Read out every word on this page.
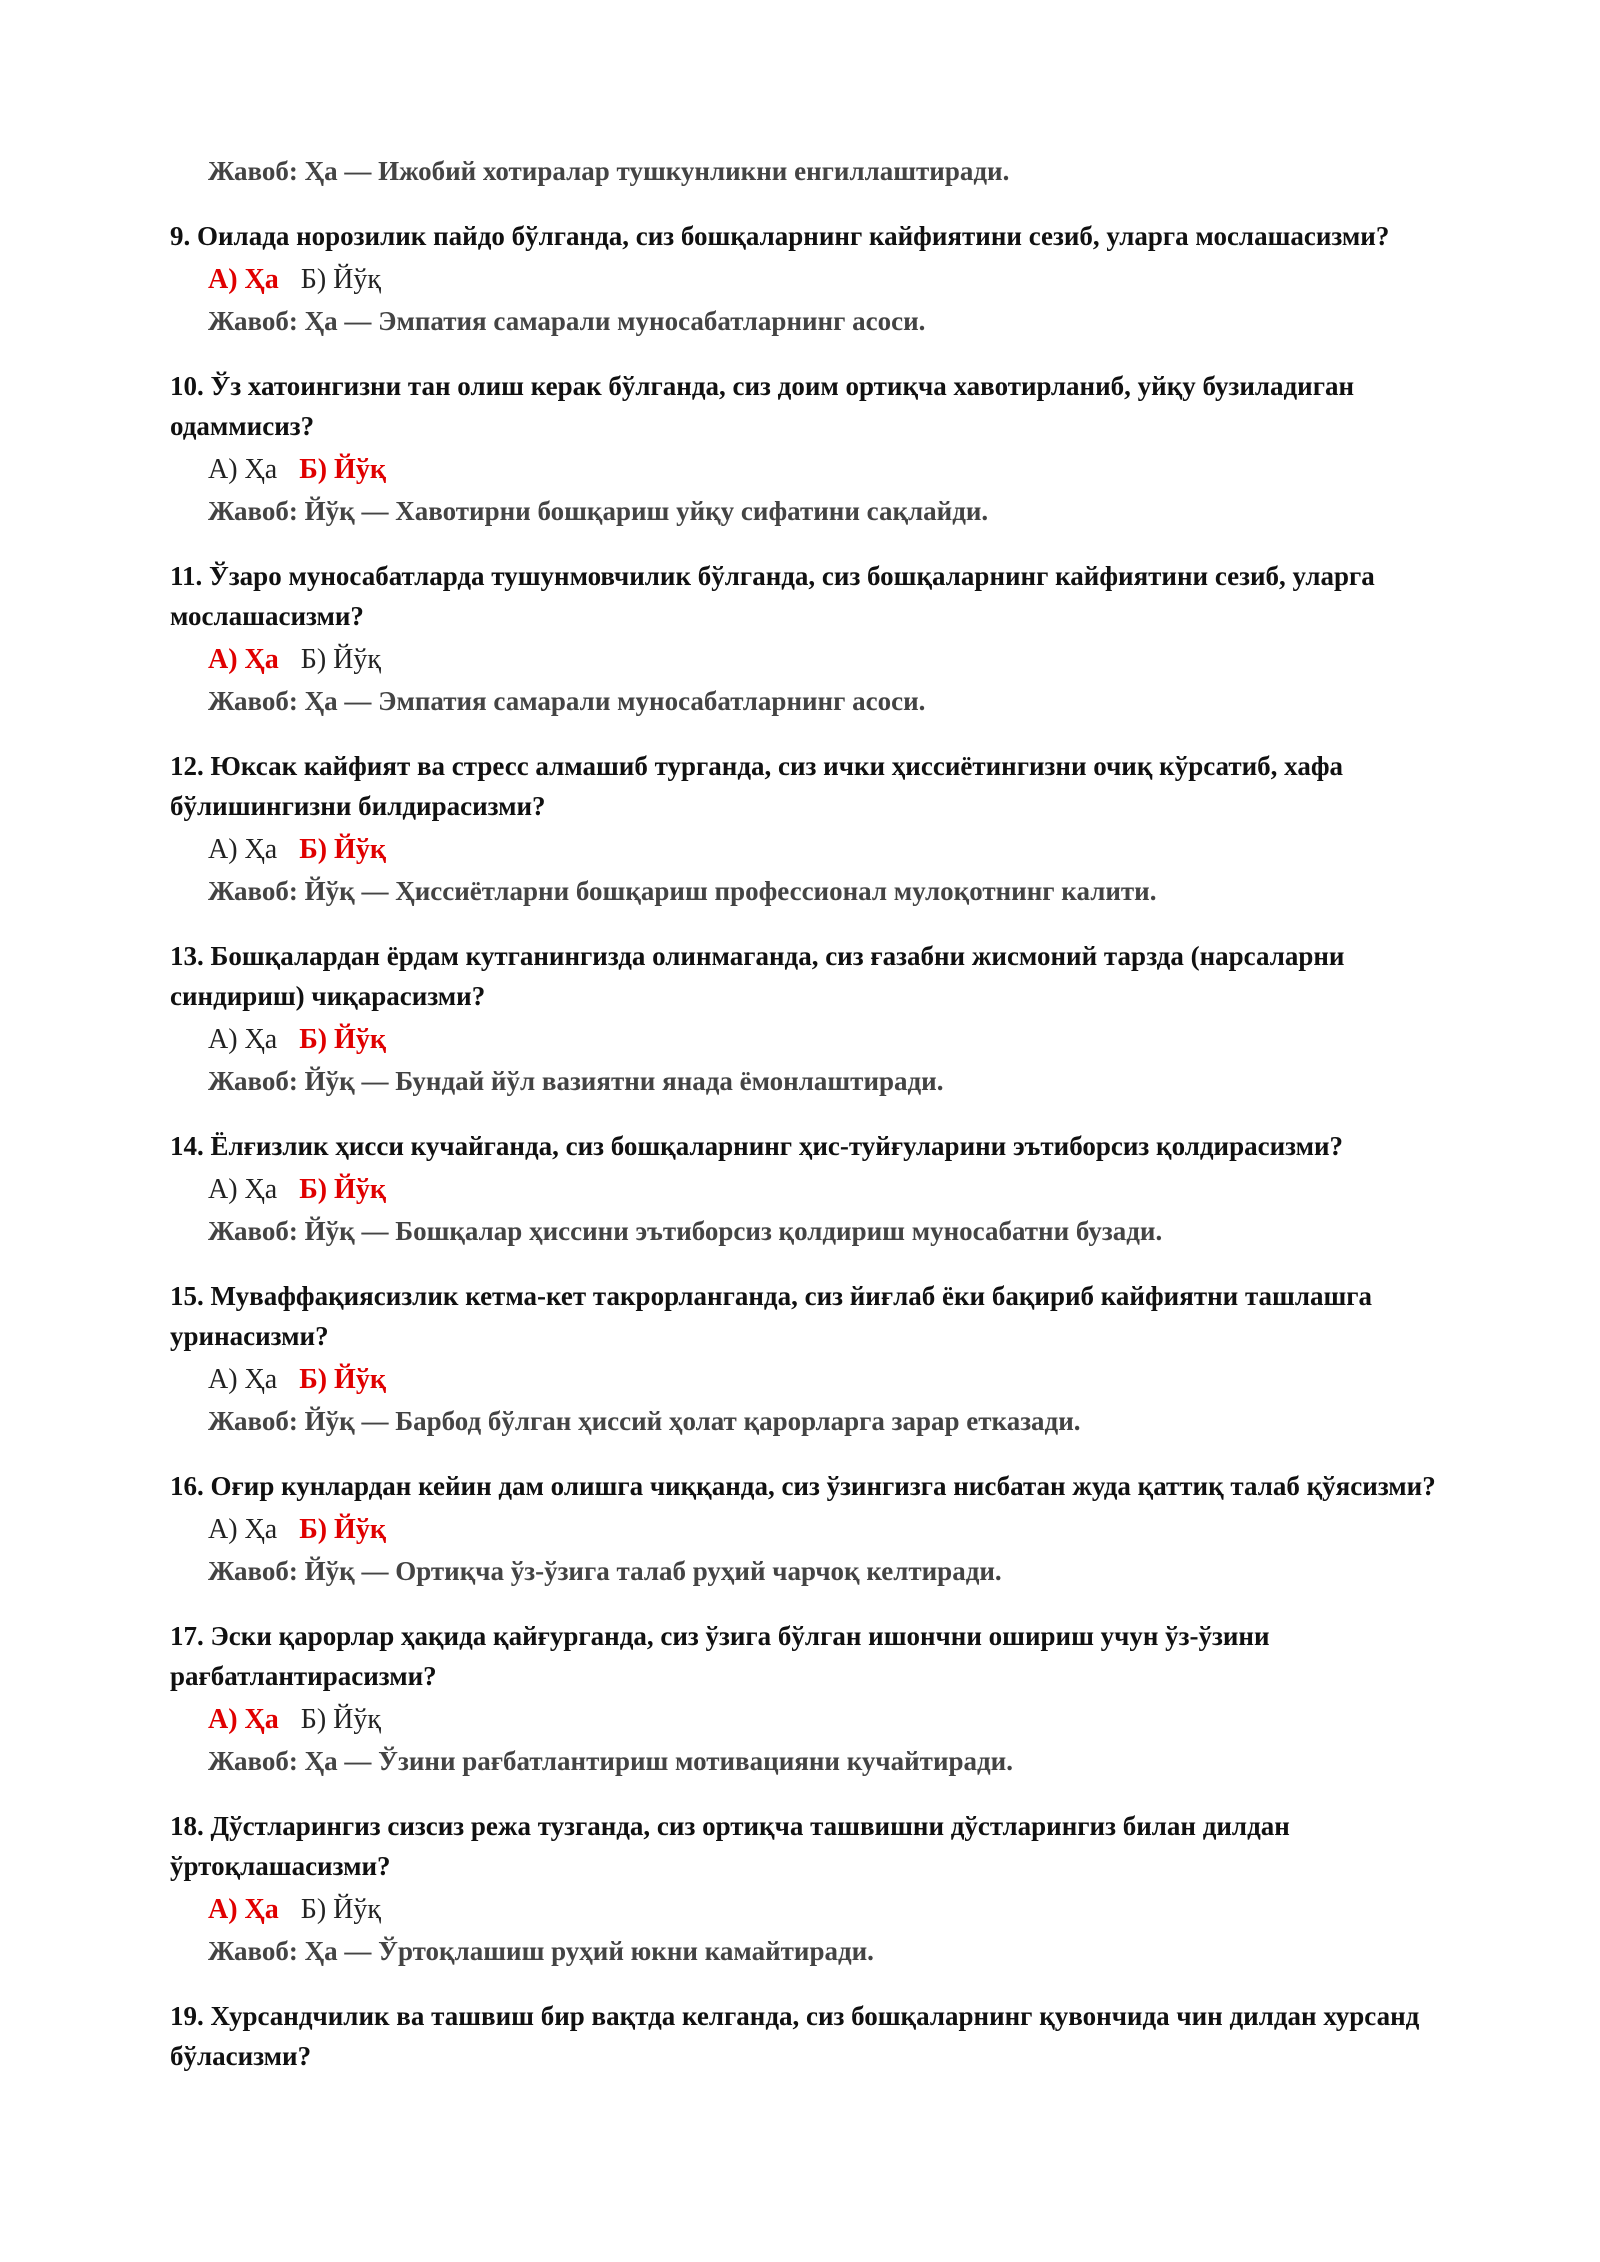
Жавоб: Ҳа — Ижобий хотиралар тушкунликни енгиллаштиради.

9. Оилада норозилик пайдо бўлганда, сиз бошқаларнинг кайфиятини сезиб, уларга мослашасизми?

А) Ҳа Б) Йўқ

Жавоб: Ҳа — Эмпатия самарали муносабатларнинг асоси.

10. Ўз хатоингизни тан олиш керак бўлганда, сиз доим ортиқча хавотирланиб, уйқу бузиладиган одаммисиз?

А) Ҳа Б) Йўқ

Жавоб: Йўқ — Хавотирни бошқариш уйқу сифатини сақлайди.

11. Ўзаро муносабатларда тушунмовчилик бўлганда, сиз бошқаларнинг кайфиятини сезиб, уларга мослашасизми?

А) Ҳа Б) Йўқ

Жавоб: Ҳа — Эмпатия самарали муносабатларнинг асоси.

12. Юксак кайфият ва стресс алмашиб турганда, сиз ички ҳиссиётингизни очиқ кўрсатиб, хафа бўлишингизни билдирасизми?

А) Ҳа Б) Йўқ

Жавоб: Йўқ — Ҳиссиётларни бошқариш профессионал мулоқотнинг калити.

13. Бошқалардан ёрдам кутганингизда олинмаганда, сиз ғазабни жисмоний тарзда (нарсаларни синдириш) чиқарасизми?

А) Ҳа Б) Йўқ

Жавоб: Йўқ — Бундай йўл вазиятни янада ёмонлаштиради.

14. Ёлғизлик ҳисси кучайганда, сиз бошқаларнинг ҳис-туйғуларини эътиборсиз қолдирасизми?

А) Ҳа Б) Йўқ

Жавоб: Йўқ — Бошқалар ҳиссини эътиборсиз қолдириш муносабатни бузади.

15. Муваффақиясизлик кетма-кет такрорланганда, сиз йиғлаб ёки бақириб кайфиятни ташлашга уринасизми?

А) Ҳа Б) Йўқ

Жавоб: Йўқ — Барбод бўлган ҳиссий ҳолат қарорларга зарар етказади.

16. Оғир кунлардан кейин дам олишга чиққанда, сиз ўзингизга нисбатан жуда қаттиқ талаб қўясизми?

А) Ҳа Б) Йўқ

Жавоб: Йўқ — Ортиқча ўз-ўзига талаб руҳий чарчоқ келтиради.

17. Эски қарорлар ҳақида қайғурганда, сиз ўзига бўлган ишончни ошириш учун ўз-ўзини рағбатлантирасизми?

А) Ҳа Б) Йўқ

Жавоб: Ҳа — Ўзини рағбатлантириш мотивацияни кучайтиради.

18. Дўстларингиз сизсиз режа тузганда, сиз ортиқча ташвишни дўстларингиз билан дилдан ўртоқлашасизми?

А) Ҳа Б) Йўқ

Жавоб: Ҳа — Ўртоқлашиш руҳий юкни камайтиради.

19. Хурсандчилик ва ташвиш бир вақтда келганда, сиз бошқаларнинг қувончида чин дилдан хурсанд бўласизми?
